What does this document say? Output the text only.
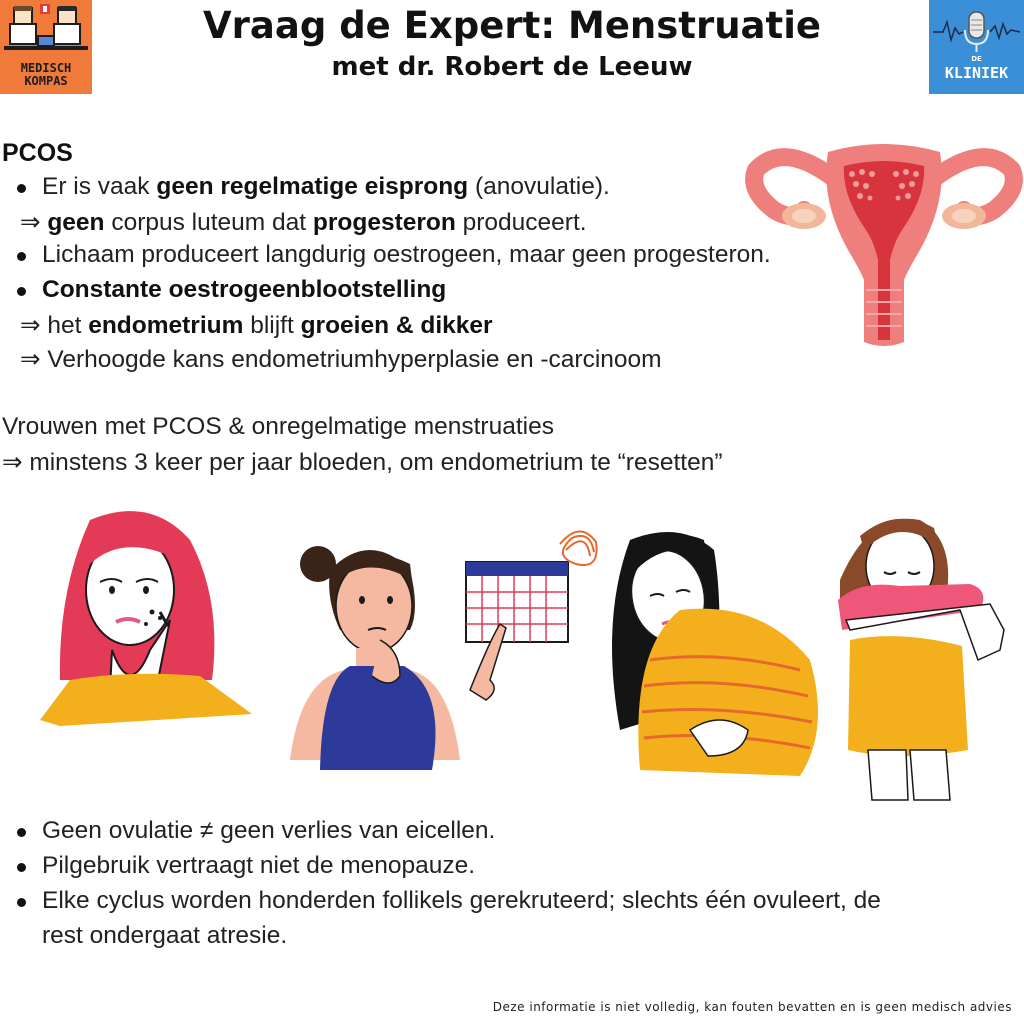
MEDISCH
KOMPAS
DE
KLINIEK
Vraag de Expert: Menstruatie
met dr. Robert de Leeuw
PCOS
Er is vaak geen regelmatige eisprong (anovulatie).
⇒ geen corpus luteum dat progesteron produceert.
Lichaam produceert langdurig oestrogeen, maar geen progesteron.
Constante oestrogeenblootstelling
⇒ het endometrium blijft groeien & dikker
⇒ Verhoogde kans endometriumhyperplasie en -carcinoom
Vrouwen met PCOS & onregelmatige menstruaties
⇒ minstens 3 keer per jaar bloeden, om endometrium te “resetten”
Geen ovulatie ≠ geen verlies van eicellen.
Pilgebruik vertraagt niet de menopauze.
Elke cyclus worden honderden follikels gerekruteerd; slechts één ovuleert, de
rest ondergaat atresie.
Deze informatie is niet volledig, kan fouten bevatten en is geen medisch advies
